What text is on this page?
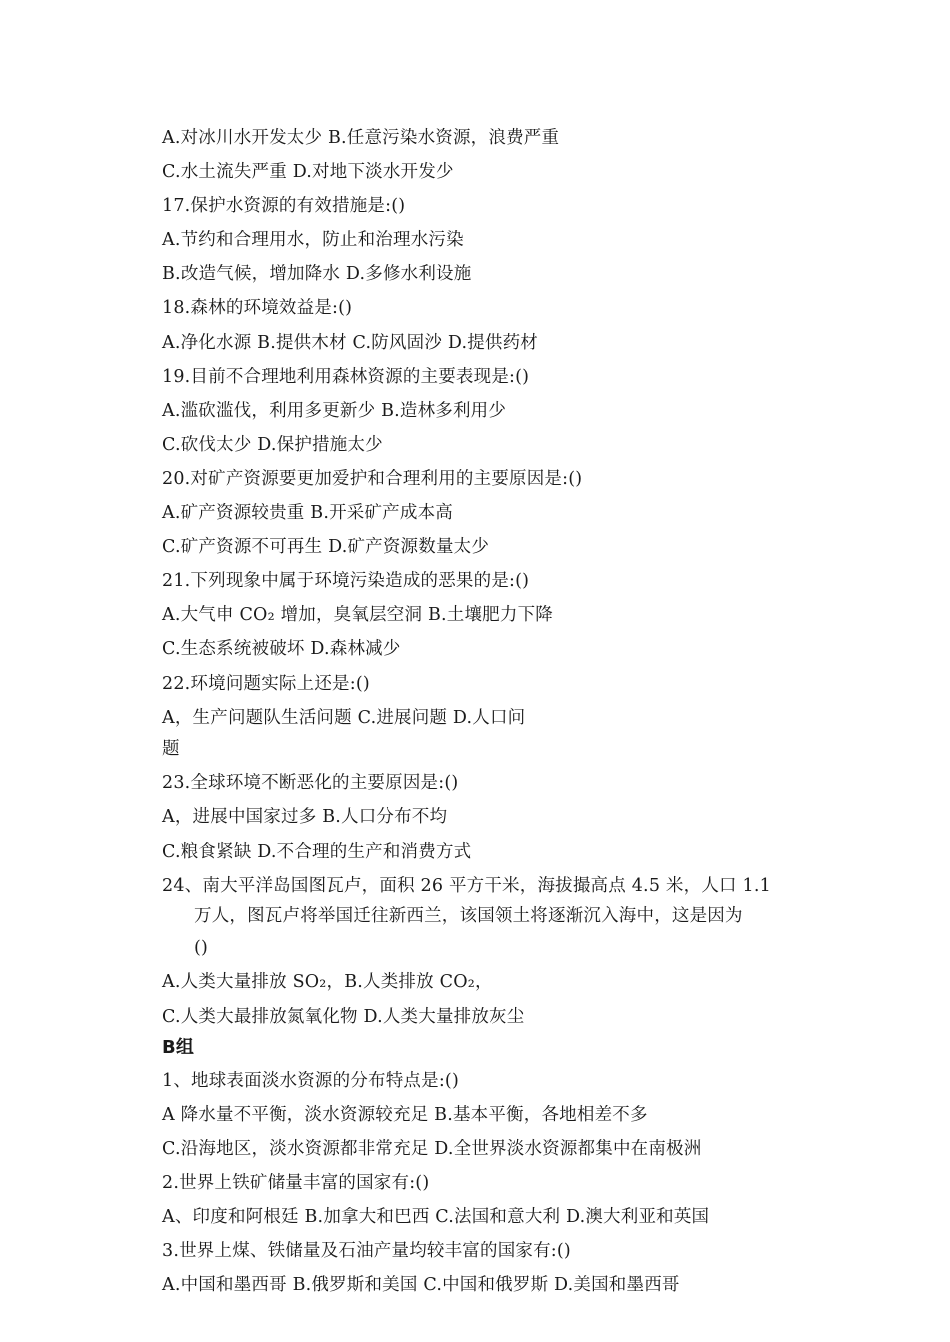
A.对冰川水开发太少 B.任意污染水资源，浪费严重
C.水土流失严重 D.对地下淡水开发少
17.保护水资源的有效措施是:()
A.节约和合理用水，防止和治理水污染
B.改造气候，增加降水 D.多修水利设施
18.森林的环境效益是:()
A.净化水源 B.提供木材 C.防风固沙 D.提供药材
19.目前不合理地利用森林资源的主要表现是:()
A.滥砍滥伐，利用多更新少 B.造林多利用少
C.砍伐太少 D.保护措施太少
20.对矿产资源要更加爱护和合理利用的主要原因是:()
A.矿产资源较贵重 B.开采矿产成本高
C.矿产资源不可再生 D.矿产资源数量太少
21.下列现象中属于环境污染造成的恶果的是:()
A.大气申 CO₂ 增加，臭氧层空洞 B.土壤肥力下降
C.生态系统被破坏 D.森林减少
22.环境问题实际上还是:()
A，生产问题队生活问题 C.进展问题 D.人口问
题
23.全球环境不断恶化的主要原因是:()
A，进展中国家过多 B.人口分布不均
C.粮食紧缺 D.不合理的生产和消费方式
24、南大平洋岛国图瓦卢，面积 26 平方干米，海拔撮高点 4.5 米，人口 1.1
万人，图瓦卢将举国迁往新西兰，该国领土将逐渐沉入海中，这是因为
()
A.人类大量排放 SO₂，B.人类排放 CO₂，
C.人类大最排放氮氧化物 D.人类大量排放灰尘
B组
1、地球表面淡水资源的分布特点是:()
A 降水量不平衡，淡水资源较充足 B.基本平衡，各地相差不多
C.沿海地区，淡水资源都非常充足 D.全世界淡水资源都集中在南极洲
2.世界上铁矿储量丰富的国家有:()
A、印度和阿根廷 B.加拿大和巴西 C.法国和意大利 D.澳大利亚和英国
3.世界上煤、铁储量及石油产量均较丰富的国家有:()
A.中国和墨西哥 B.俄罗斯和美国 C.中国和俄罗斯 D.美国和墨西哥
